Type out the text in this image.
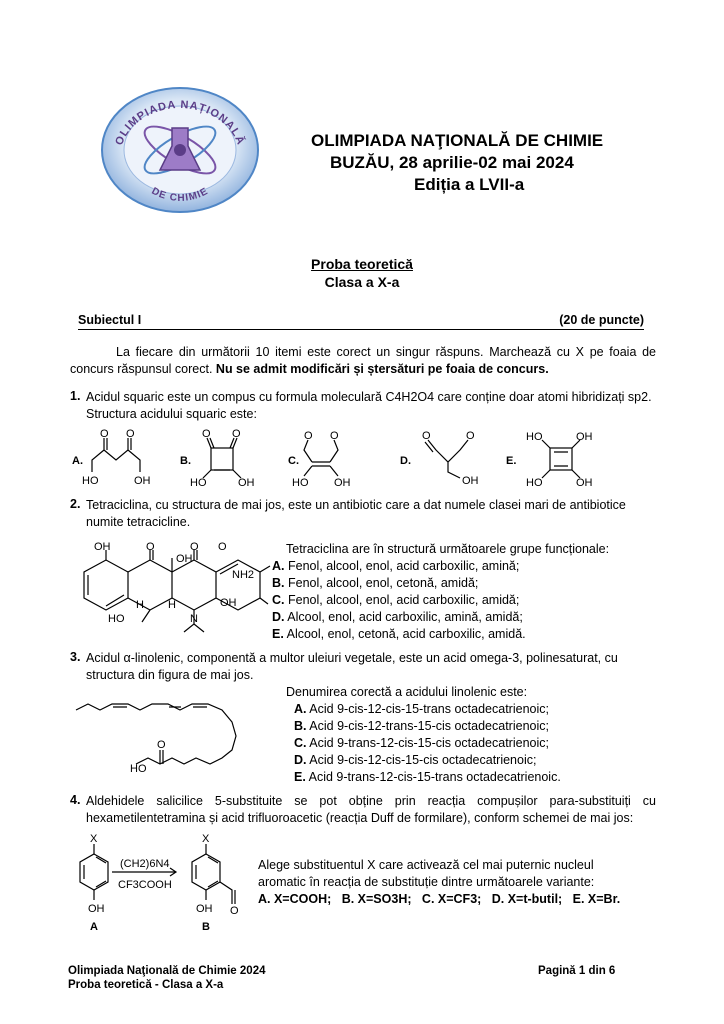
OLIMPIADA NAȚIONALĂ
DE CHIMIE
OLIMPIADA NAŢIONALĂ DE CHIMIE
BUZĂU, 28 aprilie-02 mai 2024
Ediția a LVII-a
Proba teoretică
Clasa a X-a
Subiectul I	(20 de puncte)
La fiecare din următorii 10 itemi este corect un singur răspuns. Marchează cu X pe foaia de concurs răspunsul corect. Nu se admit modificări și ștersături pe foaia de concurs.
1. Acidul squaric este un compus cu formula moleculară C4H2O4 care conține doar atomi hibridizați sp2. Structura acidului squaric este:
A.
O O
HO	OH
B.
O O
HO	OH
C.
O O
HO OH
D.
O	O
OH
E.
HO	OH
HO	OH
2. Tetraciclina, cu structura de mai jos, este un antibiotic care a dat numele clasei mari de antibiotice numite tetracicline.
OH	O
OH
O O
NH2
OH
HO
H H
N
Tetraciclina are în structură următoarele grupe funcționale:
A. Fenol, alcool, enol, acid carboxilic, amină;
B. Fenol, alcool, enol, cetonă, amidă;
C. Fenol, alcool, enol, acid carboxilic, amidă;
D. Alcool, enol, acid carboxilic, amină, amidă;
E. Alcool, enol, cetonă, acid carboxilic, amidă.
3. Acidul α-linolenic, componentă a multor uleiuri vegetale, este un acid omega-3, polinesaturat, cu structura din figura de mai jos.
O
HO
Denumirea corectă a acidului linolenic este:
A. Acid 9-cis-12-cis-15-trans octadecatrienoic;
B. Acid 9-cis-12-trans-15-cis octadecatrienoic;
C. Acid 9-trans-12-cis-15-cis octadecatrienoic;
D. Acid 9-cis-12-cis-15-cis octadecatrienoic;
E. Acid 9-trans-12-cis-15-trans octadecatrienoic.
4. Aldehidele salicilice 5-substituite se pot obține prin reacția compușilor para-substituiți cu hexametilentetramina și acid trifluoroacetic (reacția Duff de formilare), conform schemei de mai jos:
X
OH
(CH2)6N4
CF3COOH
X
OH O
A	B
Alege substituentul X care activează cel mai puternic nucleul aromatic în reacția de substituție dintre următoarele variante:
A. X=COOH;   B. X=SO3H;   C. X=CF3;   D. X=t-butil;   E. X=Br.
Olimpiada Naţională de Chimie 2024
Proba teoretică - Clasa a X-a
Pagină 1 din 6
